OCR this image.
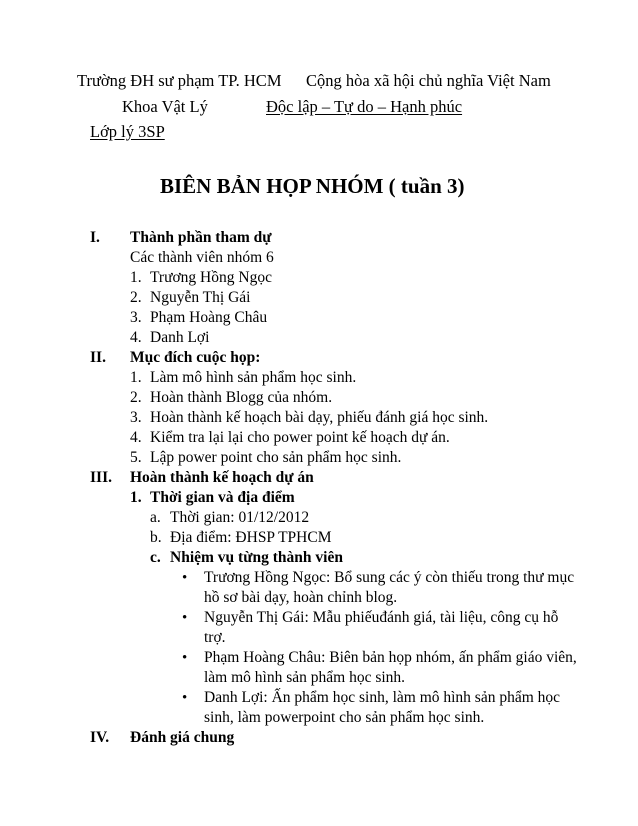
Trường ĐH sư phạm TP. HCM Cộng hòa xã hội chủ nghĩa Việt Nam
Khoa Vật Lý	Độc lập – Tự do – Hạnh phúc
Lớp lý 3SP
BIÊN BẢN HỌP NHÓM ( tuần 3)
I. Thành phần tham dự
Các thành viên nhóm 6
1. Trương Hồng Ngọc
2. Nguyễn Thị Gái
3. Phạm Hoàng Châu
4. Danh Lợi
II. Mục đích cuộc họp:
1. Làm mô hình sản phẩm học sinh.
2. Hoàn thành Blogg của nhóm.
3. Hoàn thành kế hoạch bài dạy, phiếu đánh giá học sinh.
4. Kiểm tra lại lại cho power point kế hoạch dự án.
5. Lập power point cho sản phẩm học sinh.
III. Hoàn thành kế hoạch dự án
1. Thời gian và địa điểm
a. Thời gian: 01/12/2012
b. Địa điểm: ĐHSP TPHCM
c. Nhiệm vụ từng thành viên
• Trương Hồng Ngọc: Bổ sung các ý còn thiếu trong thư mục
hồ sơ bài dạy, hoàn chỉnh blog.
• Nguyễn Thị Gái: Mẫu phiếuđánh giá, tài liệu, công cụ hỗ
trợ.
• Phạm Hoàng Châu: Biên bản họp nhóm, ấn phẩm giáo viên,
làm mô hình sản phẩm học sinh.
• Danh Lợi: Ấn phẩm học sinh, làm mô hình sản phẩm học
sinh, làm powerpoint cho sản phẩm học sinh.
IV. Đánh giá chung
